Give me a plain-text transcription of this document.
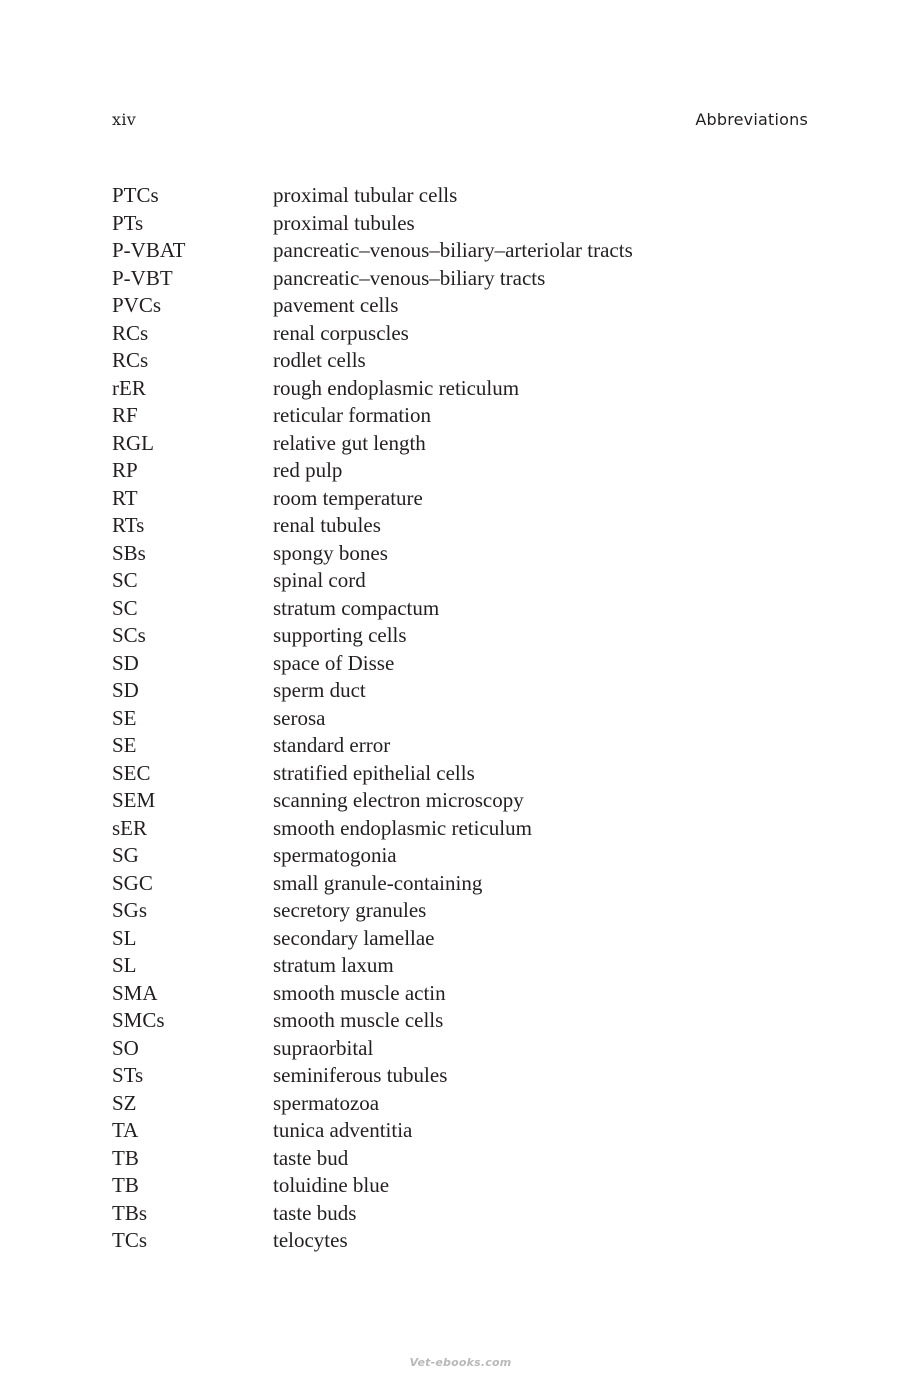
xiv	Abbreviations
PTCs	proximal tubular cells
PTs	proximal tubules
P-VBAT	pancreatic–venous–biliary–arteriolar tracts
P-VBT	pancreatic–venous–biliary tracts
PVCs	pavement cells
RCs	renal corpuscles
RCs	rodlet cells
rER	rough endoplasmic reticulum
RF	reticular formation
RGL	relative gut length
RP	red pulp
RT	room temperature
RTs	renal tubules
SBs	spongy bones
SC	spinal cord
SC	stratum compactum
SCs	supporting cells
SD	space of Disse
SD	sperm duct
SE	serosa
SE	standard error
SEC	stratified epithelial cells
SEM	scanning electron microscopy
sER	smooth endoplasmic reticulum
SG	spermatogonia
SGC	small granule-containing
SGs	secretory granules
SL	secondary lamellae
SL	stratum laxum
SMA	smooth muscle actin
SMCs	smooth muscle cells
SO	supraorbital
STs	seminiferous tubules
SZ	spermatozoa
TA	tunica adventitia
TB	taste bud
TB	toluidine blue
TBs	taste buds
TCs	telocytes
Vet-ebooks.com
